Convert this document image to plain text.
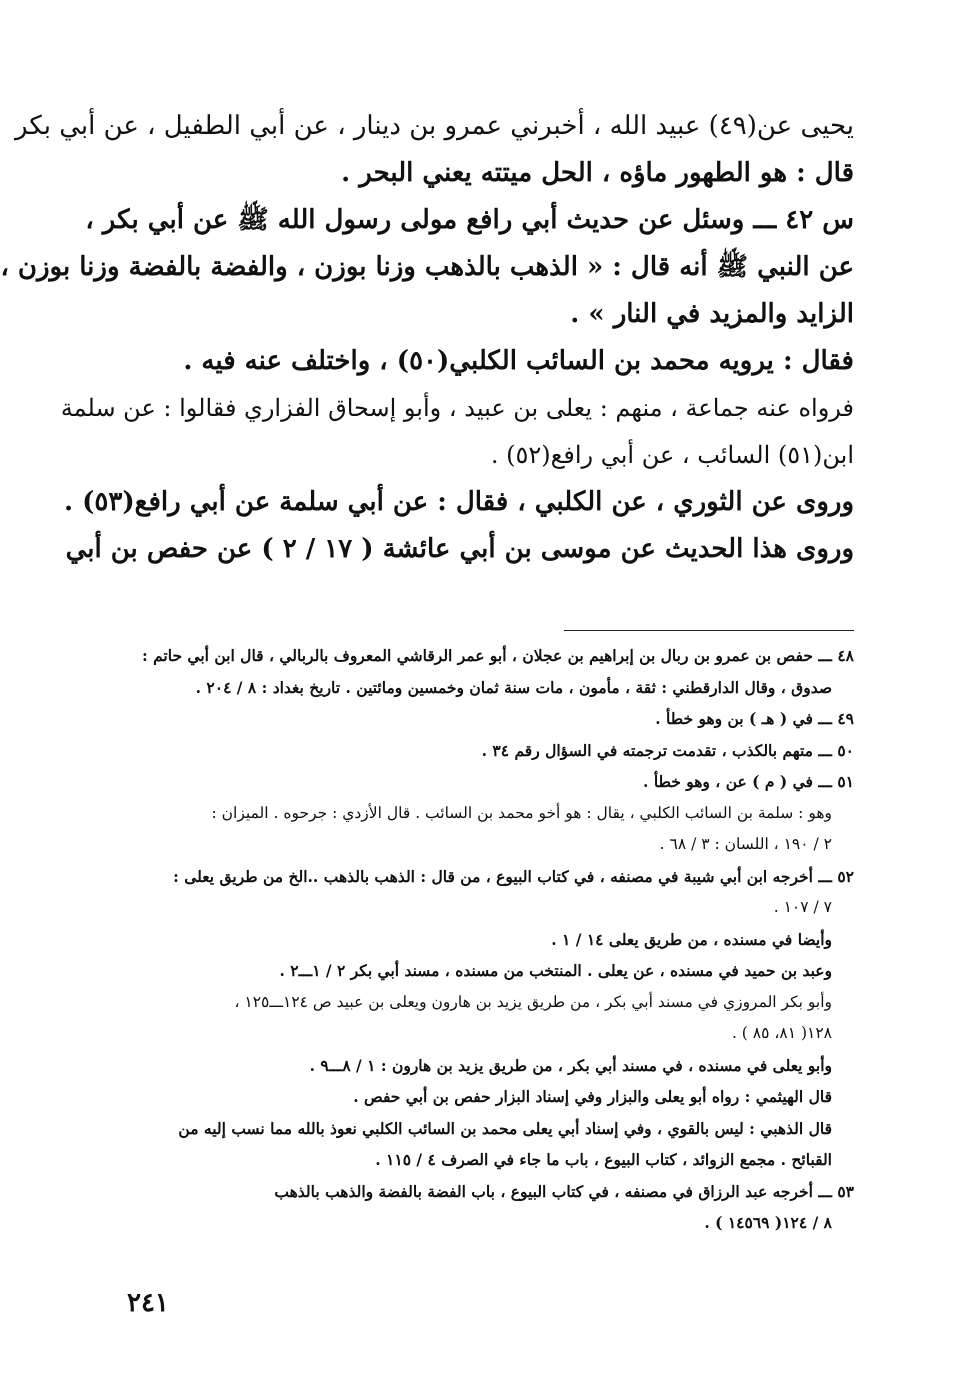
يحيى عن(٤٩) عبيد الله ، أخبرني عمرو بن دينار ، عن أبي الطفيل ، عن أبي بكر

قال : هو الطهور ماؤه ، الحل ميتته يعني البحر .

س ٤٢ ـــ وسئل عن حديث أبي رافع مولى رسول الله ﷺ عن أبي بكر ،

عن النبي ﷺ أنه قال : « الذهب بالذهب وزنا بوزن ، والفضة بالفضة وزنا بوزن ،

الزايد والمزيد في النار » .

فقال : يرويه محمد بن السائب الكلبي(٥٠) ، واختلف عنه فيه .

فرواه عنه جماعة ، منهم : يعلى بن عبيد ، وأبو إسحاق الفزاري فقالوا : عن سلمة

ابن(٥١) السائب ، عن أبي رافع(٥٢) .

وروى عن الثوري ، عن الكلبي ، فقال : عن أبي سلمة عن أبي رافع(٥٣) .

وروى هذا الحديث عن موسى بن أبي عائشة ( ١٧ / ٢ ) عن حفص بن أبي

٤٨ ـــ حفص بن عمرو بن ربال بن إبراهيم بن عجلان ، أبو عمر الرقاشي المعروف بالربالي ، قال ابن أبي حاتم :

صدوق ، وقال الدارقطني : ثقة ، مأمون ، مات سنة ثمان وخمسين ومائتين . تاريخ بغداد : ٨ / ٢٠٤ .

٤٩ ـــ في ( هـ ) بن وهو خطأ .

٥٠ ـــ متهم بالكذب ، تقدمت ترجمته في السؤال رقم ٣٤ .

٥١ ـــ في ( م ) عن ، وهو خطأ .

وهو : سلمة بن السائب الكلبي ، يقال : هو أخو محمد بن السائب . قال الأزدي : جرحوه . الميزان :

٢ / ١٩٠ ، اللسان : ٣ / ٦٨ .

٥٢ ـــ أخرجه ابن أبي شيبة في مصنفه ، في كتاب البيوع ، من قال : الذهب بالذهب ..الخ من طريق يعلى :

٧ / ١٠٧ .

وأيضا في مسنده ، من طريق يعلى ١٤ / ١ .

وعبد بن حميد في مسنده ، عن يعلى . المنتخب من مسنده ، مسند أبي بكر ٢ / ١ـــ٢ .

وأبو بكر المروزي في مسند أبي بكر ، من طريق يزيد بن هارون ويعلى بن عبيد ص ١٢٤ـــ١٢٥ ،

١٢٨( ٨١، ٨٥ ) .

وأبو يعلى في مسنده ، في مسند أبي بكر ، من طريق يزيد بن هارون : ١ / ٨ـــ٩ .

قال الهيثمي : رواه أبو يعلى والبزار وفي إسناد البزار حفص بن أبي حفص .

قال الذهبي : ليس بالقوي ، وفي إسناد أبي يعلى محمد بن السائب الكلبي نعوذ بالله مما نسب إليه من

القبائح . مجمع الزوائد ، كتاب البيوع ، باب ما جاء في الصرف ٤ / ١١٥ .

٥٣ ـــ أخرجه عبد الرزاق في مصنفه ، في كتاب البيوع ، باب الفضة بالفضة والذهب بالذهب

٨ / ١٢٤( ١٤٥٦٩ ) .

٢٤١
